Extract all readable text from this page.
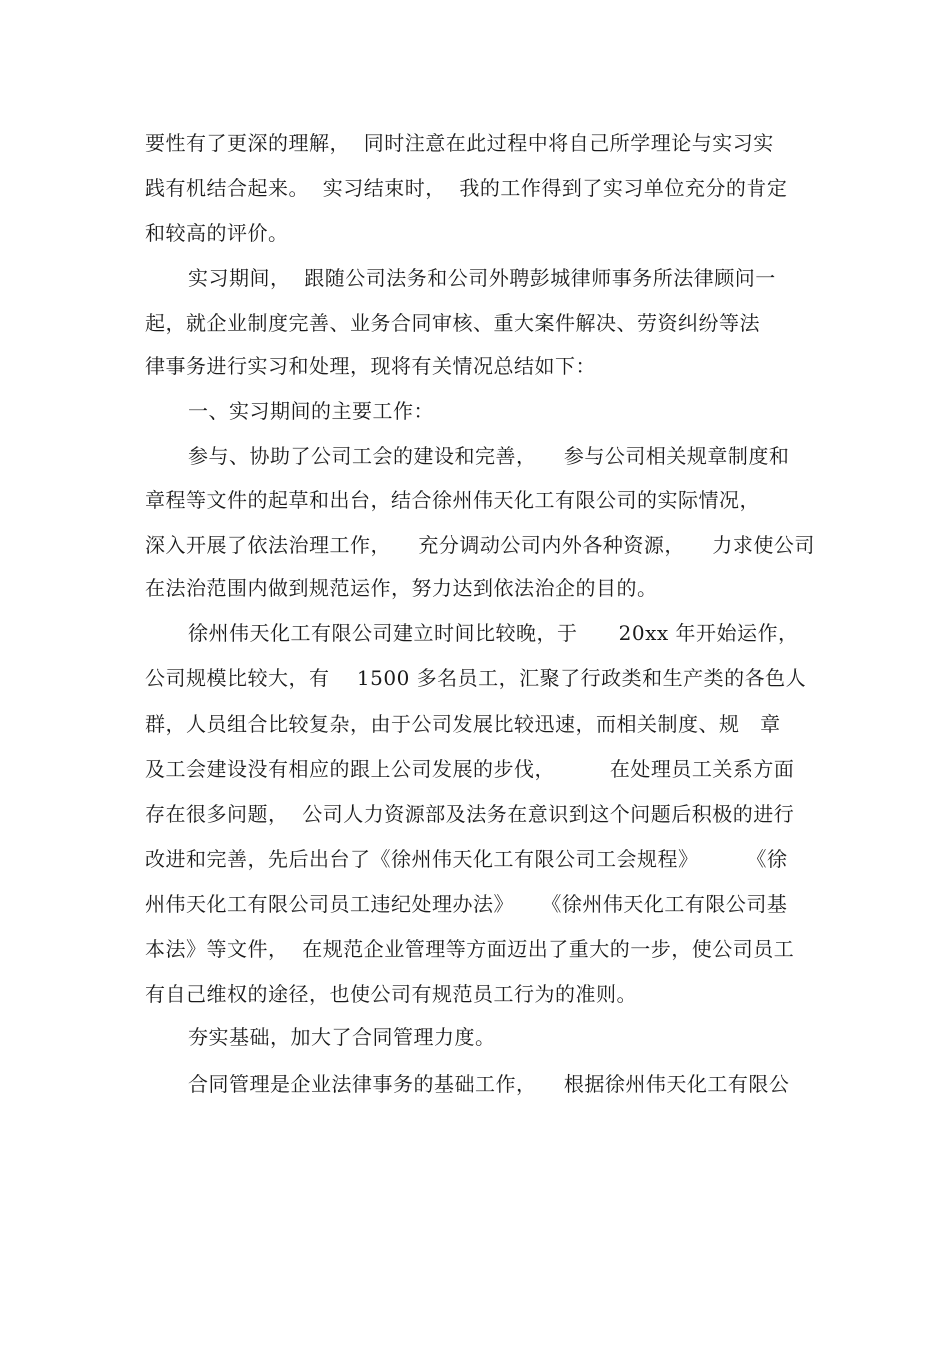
要性有了更深的理解，  同时注意在此过程中将自己所学理论与实习实
践有机结合起来。  实习结束时，  我的工作得到了实习单位充分的肯定
和较高的评价。
实习期间，  跟随公司法务和公司外聘彭城律师事务所法律顾问一
起，就企业制度完善、业务合同审核、重大案件解决、劳资纠纷等法
律事务进行实习和处理，现将有关情况总结如下：
一、实习期间的主要工作：
参与、协助了公司工会的建设和完善，    参与公司相关规章制度和
章程等文件的起草和出台，结合徐州伟天化工有限公司的实际情况，
深入开展了依法治理工作，    充分调动公司内外各种资源，    力求使公司
在法治范围内做到规范运作，努力达到依法治企的目的。
徐州伟天化工有限公司建立时间比较晚，于      20xx 年开始运作，
公司规模比较大，有    1500 多名员工，汇聚了行政类和生产类的各色人
群，人员组合比较复杂，由于公司发展比较迅速，而相关制度、规   章
及工会建设没有相应的跟上公司发展的步伐，        在处理员工关系方面
存在很多问题，  公司人力资源部及法务在意识到这个问题后积极的进行
改进和完善，先后出台了《徐州伟天化工有限公司工会规程》       《徐
州伟天化工有限公司员工违纪处理办法》    《徐州伟天化工有限公司基
本法》等文件，  在规范企业管理等方面迈出了重大的一步，使公司员工
有自己维权的途径，也使公司有规范员工行为的准则。
夯实基础，加大了合同管理力度。
合同管理是企业法律事务的基础工作，    根据徐州伟天化工有限公
